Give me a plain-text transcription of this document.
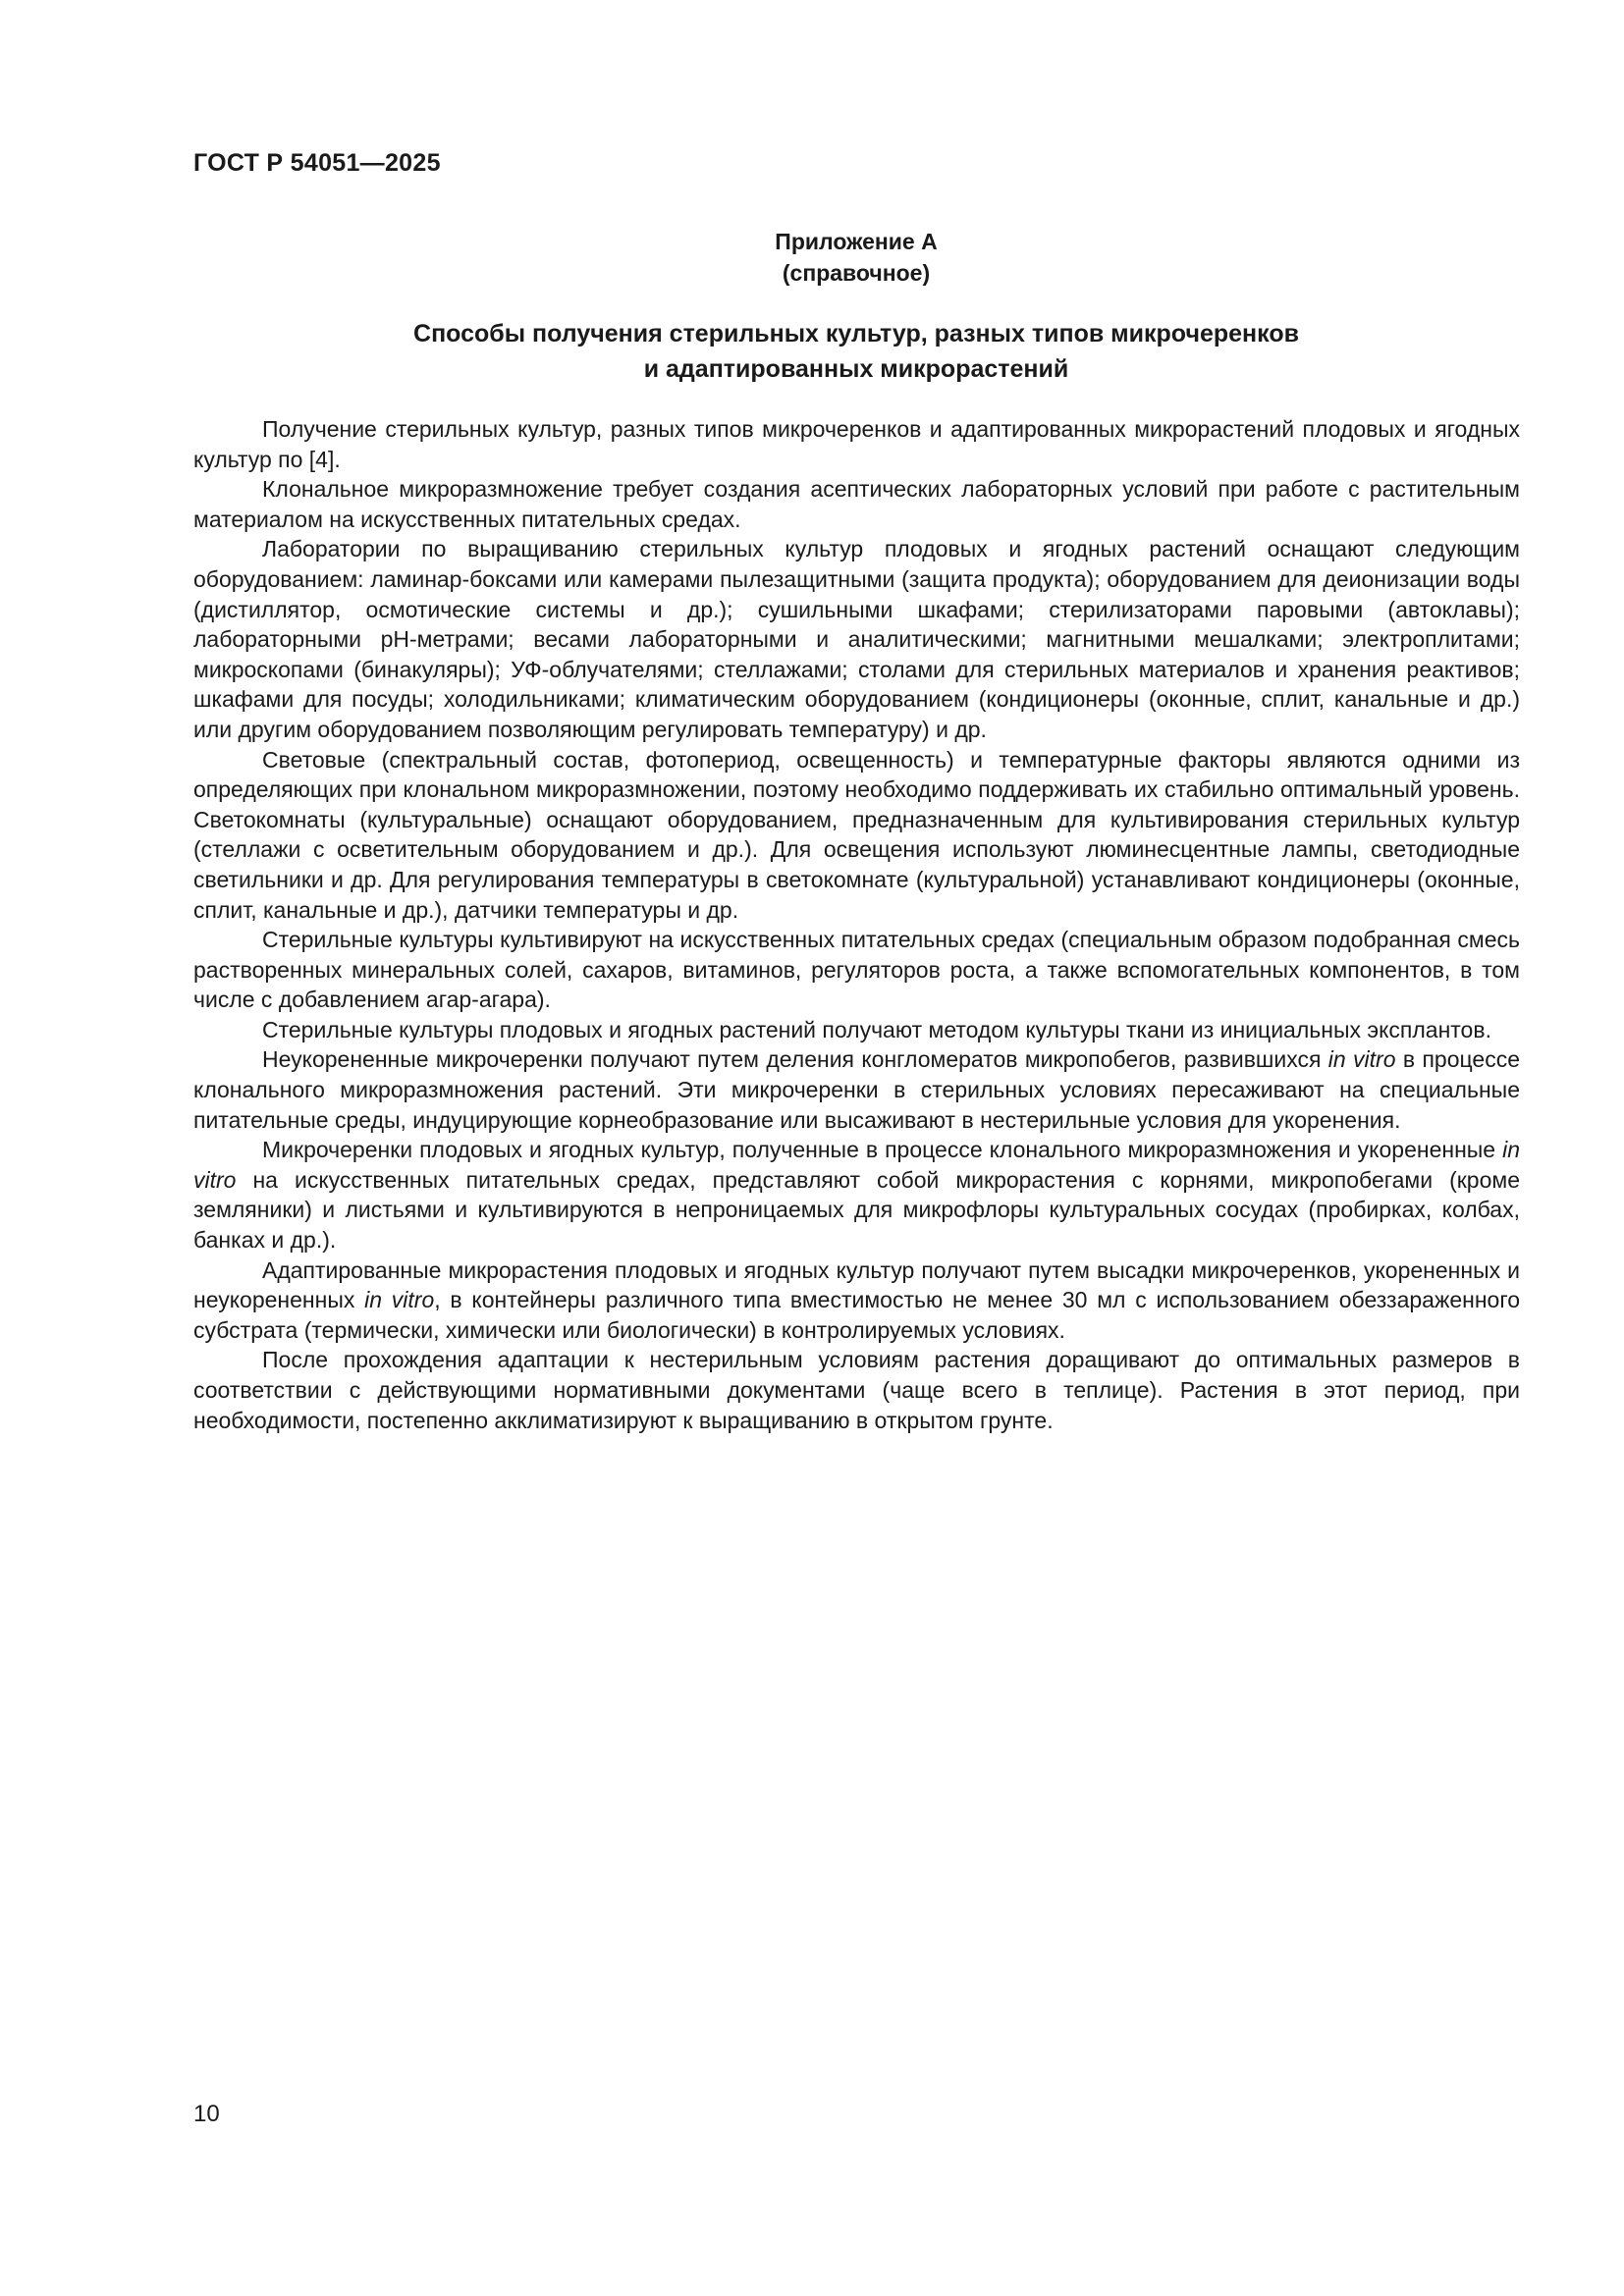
ГОСТ Р 54051—2025
Приложение А
(справочное)
Способы получения стерильных культур, разных типов микрочеренков
и адаптированных микрорастений

Получение стерильных культур, разных типов микрочеренков и адаптированных микрорастений плодовых и ягодных культур по [4].

Клональное микроразмножение требует создания асептических лабораторных условий при работе с растительным материалом на искусственных питательных средах.

Лаборатории по выращиванию стерильных культур плодовых и ягодных растений оснащают следующим оборудованием: ламинар-боксами или камерами пылезащитными (защита продукта); оборудованием для деионизации воды (дистиллятор, осмотические системы и др.); сушильными шкафами; стерилизаторами паровыми (автоклавы); лабораторными pH-метрами; весами лабораторными и аналитическими; магнитными мешалками; электроплитами; микроскопами (бинакуляры); УФ-облучателями; стеллажами; столами для стерильных материалов и хранения реактивов; шкафами для посуды; холодильниками; климатическим оборудованием (кондиционеры (оконные, сплит, канальные и др.) или другим оборудованием позволяющим регулировать температуру) и др.

Световые (спектральный состав, фотопериод, освещенность) и температурные факторы являются одними из определяющих при клональном микроразмножении, поэтому необходимо поддерживать их стабильно оптимальный уровень. Светокомнаты (культуральные) оснащают оборудованием, предназначенным для культивирования стерильных культур (стеллажи с осветительным оборудованием и др.). Для освещения используют люминесцентные лампы, светодиодные светильники и др. Для регулирования температуры в светокомнате (культуральной) устанавливают кондиционеры (оконные, сплит, канальные и др.), датчики температуры и др.

Стерильные культуры культивируют на искусственных питательных средах (специальным образом подобранная смесь растворенных минеральных солей, сахаров, витаминов, регуляторов роста, а также вспомогательных компонентов, в том числе с добавлением агар-агара).

Стерильные культуры плодовых и ягодных растений получают методом культуры ткани из инициальных эксплантов.

Неукорененные микрочеренки получают путем деления конгломератов микропобегов, развившихся in vitro в процессе клонального микроразмножения растений. Эти микрочеренки в стерильных условиях пересаживают на специальные питательные среды, индуцирующие корнеобразование или высаживают в нестерильные условия для укоренения.

Микрочеренки плодовых и ягодных культур, полученные в процессе клонального микроразмножения и укорененные in vitro на искусственных питательных средах, представляют собой микрорастения с корнями, микропобегами (кроме земляники) и листьями и культивируются в непроницаемых для микрофлоры культуральных сосудах (пробирках, колбах, банках и др.).

Адаптированные микрорастения плодовых и ягодных культур получают путем высадки микрочеренков, укорененных и неукорененных in vitro, в контейнеры различного типа вместимостью не менее 30 мл с использованием обеззараженного субстрата (термически, химически или биологически) в контролируемых условиях.

После прохождения адаптации к нестерильным условиям растения доращивают до оптимальных размеров в соответствии с действующими нормативными документами (чаще всего в теплице). Растения в этот период, при необходимости, постепенно акклиматизируют к выращиванию в открытом грунте.

10
